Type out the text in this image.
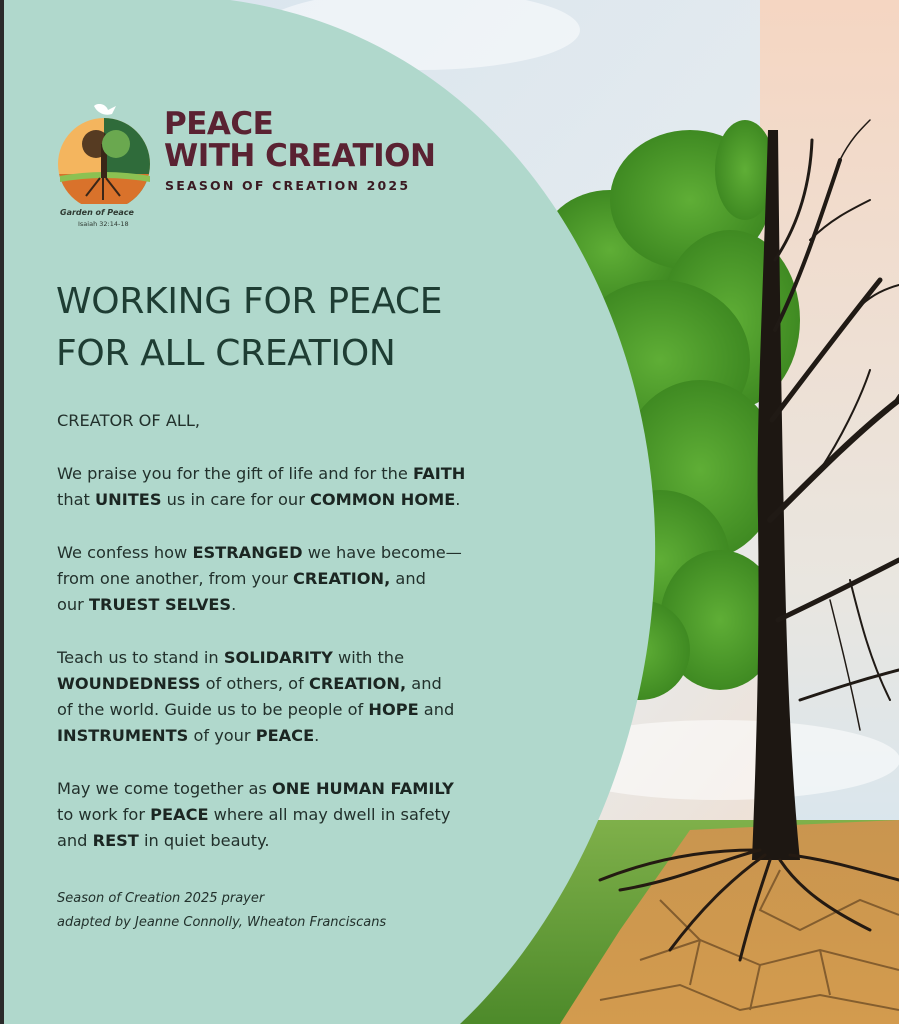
PEACE
WITH CREATION
SEASON OF CREATION 2025
Garden of Peace
Isaiah 32:14-18
WORKING FOR PEACE
FOR ALL CREATION

CREATOR OF ALL,

We praise you for the gift of life and for the FAITH
that UNITES us in care for our COMMON HOME.

We confess how ESTRANGED we have become—
from one another, from your CREATION, and
our TRUEST SELVES.

Teach us to stand in SOLIDARITY with the
WOUNDEDNESS of others, of CREATION, and
of the world. Guide us to be people of HOPE and
INSTRUMENTS of your PEACE.

May we come together as ONE HUMAN FAMILY
to work for PEACE where all may dwell in safety
and REST in quiet beauty.

Season of Creation 2025 prayer
adapted by Jeanne Connolly, Wheaton Franciscans
